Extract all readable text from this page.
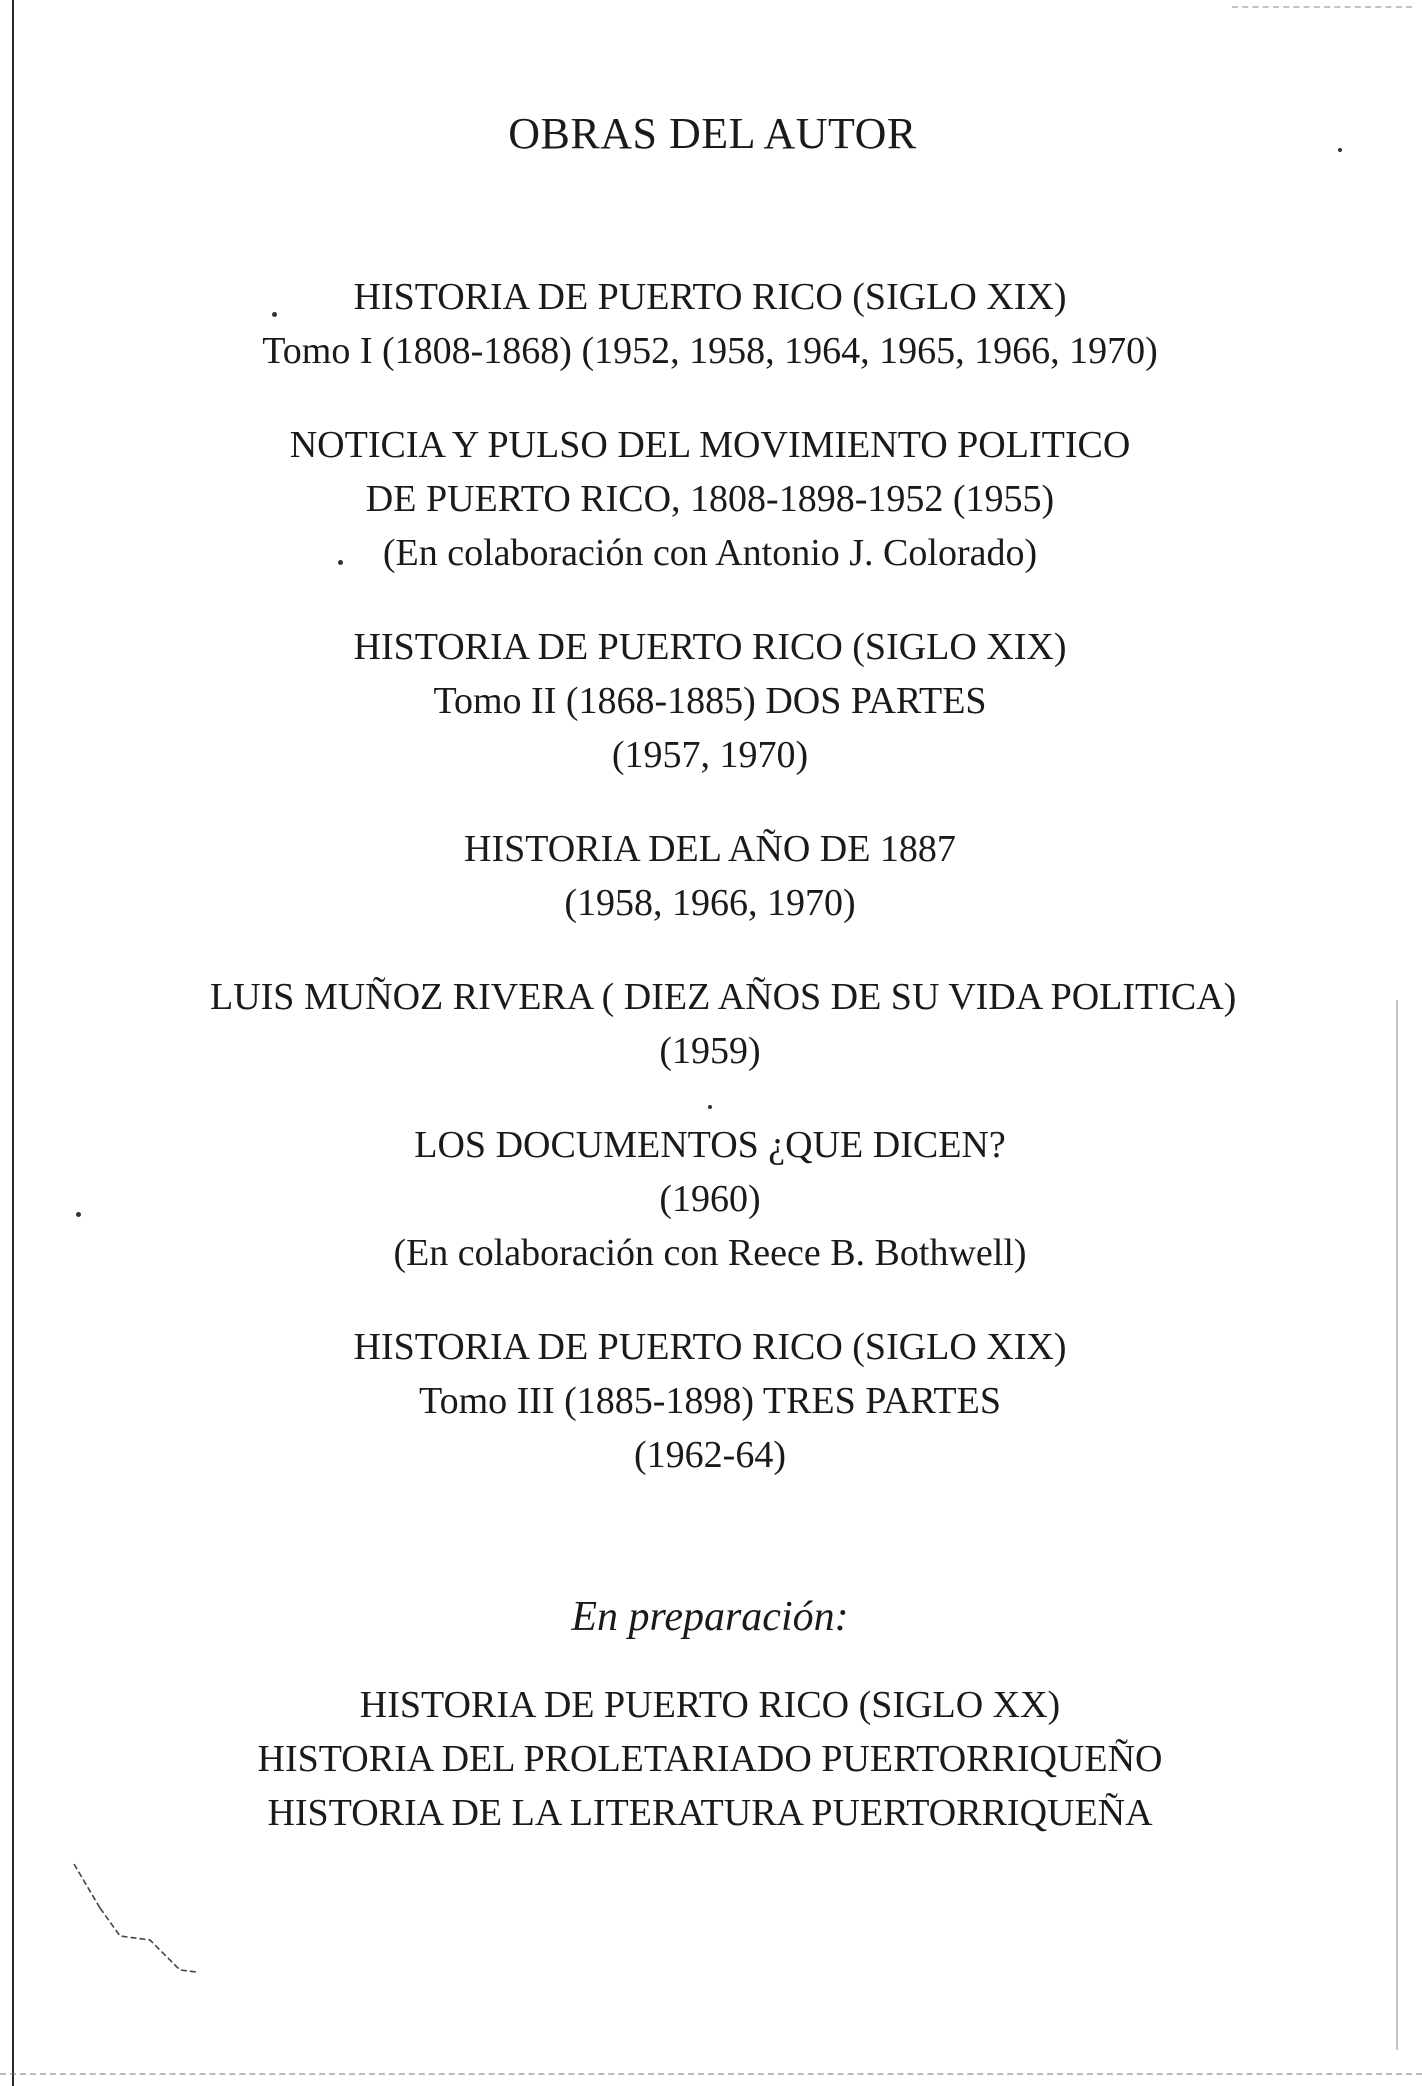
OBRAS DEL AUTOR
HISTORIA DE PUERTO RICO (SIGLO XIX)
Tomo I (1808-1868) (1952, 1958, 1964, 1965, 1966, 1970)
NOTICIA Y PULSO DEL MOVIMIENTO POLITICO
DE PUERTO RICO, 1808-1898-1952 (1955)
(En colaboración con Antonio J. Colorado)
HISTORIA DE PUERTO RICO (SIGLO XIX)
Tomo II (1868-1885) DOS PARTES
(1957, 1970)
HISTORIA DEL AÑO DE 1887
(1958, 1966, 1970)
LUIS MUÑOZ RIVERA ( DIEZ AÑOS DE SU VIDA POLITICA)
(1959)
LOS DOCUMENTOS ¿QUE DICEN?
(1960)
(En colaboración con Reece B. Bothwell)
HISTORIA DE PUERTO RICO (SIGLO XIX)
Tomo III (1885-1898) TRES PARTES
(1962-64)
En preparación:
HISTORIA DE PUERTO RICO (SIGLO XX)
HISTORIA DEL PROLETARIADO PUERTORRIQUEÑO
HISTORIA DE LA LITERATURA PUERTORRIQUEÑA
